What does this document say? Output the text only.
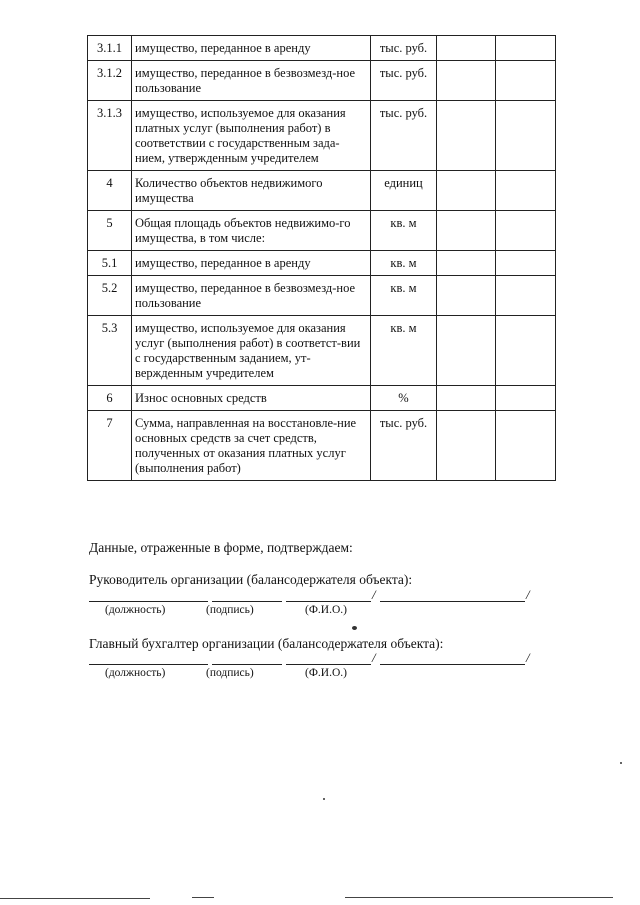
3.1.1	имущество, переданное в аренду	тыс. руб.		
3.1.2	имущество, переданное в безвозмезд-ное пользование	тыс. руб.		
3.1.3	имущество, используемое для оказания платных услуг (выполнения работ) в соответствии с государственным зада-нием, утвержденным учредителем	тыс. руб.		
4	Количество объектов недвижимого имущества	единиц		
5	Общая площадь объектов недвижимо-го имущества, в том числе:	кв. м		
5.1	имущество, переданное в аренду	кв. м		
5.2	имущество, переданное в безвозмезд-ное пользование	кв. м		
5.3	имущество, используемое для оказания услуг (выполнения работ) в соответст-вии с государственным заданием, ут-вержденным учредителем	кв. м		
6	Износ основных средств	%		
7	Сумма, направленная на восстановле-ние основных средств за счет средств, полученных от оказания платных услуг (выполнения работ)	тыс. руб.		
Данные, отраженные в форме, подтверждаем:
Руководитель организации (балансодержателя объекта):
/	/
(должность)	(подпись)	(Ф.И.О.)
Главный бухгалтер организации (балансодержателя объекта):
/	/
(должность)	(подпись)	(Ф.И.О.)
